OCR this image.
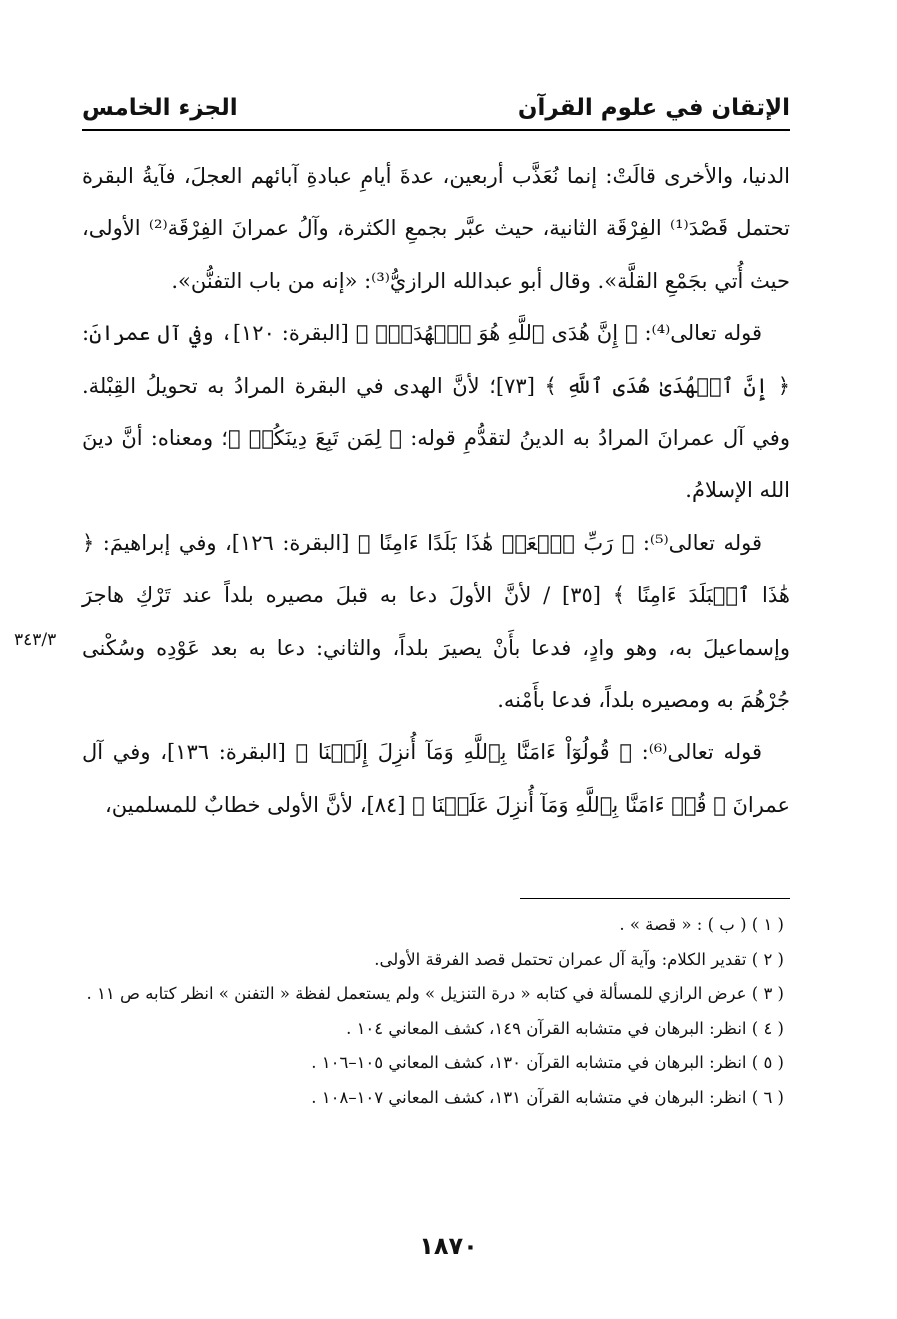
الإتقان في علوم القرآن
الجزء الخامس

الدنيا، والأخرى قالَتْ: إنما نُعَذَّب أربعين، عدةَ أيامِ عبادةِ آبائهم العجلَ، فآيةُ البقرة تحتمل قَصْدَ⁽¹⁾ الفِرْقَة الثانية، حيث عبَّر بجمعِ الكثرة، وآلُ عمرانَ الفِرْقَة⁽²⁾ الأولى، حيث أُتي بجَمْعِ القلَّة». وقال أبو عبدالله الرازيُّ⁽³⁾: «إنه من باب التفنُّن».

قوله تعالى⁽⁴⁾: ﴿ إِنَّ هُدَى ٱللَّهِ هُوَ ٱلۡهُدَىٰۗ ﴾ [البقرة: ١٢٠]، وفي آل عمرانَ: ﴿ إِنَّ ٱلۡهُدَىٰ هُدَى ٱللَّهِ ﴾ [٧٣]؛ لأنَّ الهدى في البقرة المرادُ به تحويلُ القِبْلة. وفي آل عمرانَ المرادُ به الدينُ لتقدُّمِ قوله: ﴿ لِمَن تَبِعَ دِينَكُمۡ ﴾؛ ومعناه: أنَّ دينَ الله الإسلامُ.

قوله تعالى⁽⁵⁾: ﴿ رَبِّ ٱجۡعَلۡ هَٰذَا بَلَدًا ءَامِنًا ﴾ [البقرة: ١٢٦]، وفي إبراهيمَ: ﴿ هَٰذَا ٱلۡبَلَدَ ءَامِنًا ﴾ [٣٥] / لأنَّ الأولَ دعا به قبلَ مصيره بلداً عند تَرْكِ هاجرَ وإسماعيلَ به، وهو وادٍ، فدعا بأَنْ يصيرَ بلداً، والثاني: دعا به بعد عَوْدِه وسُكْنى جُرْهُمَ به ومصيره بلداً، فدعا بأَمْنه.

قوله تعالى⁽⁶⁾: ﴿ قُولُوٓاْ ءَامَنَّا بِٱللَّهِ وَمَآ أُنزِلَ إِلَيۡنَا ﴾ [البقرة: ١٣٦]، وفي آل عمرانَ ﴿ قُلۡ ءَامَنَّا بِٱللَّهِ وَمَآ أُنزِلَ عَلَيۡنَا ﴾ [٨٤]، لأنَّ الأولى خطابٌ للمسلمين،

٣٤٣/٣

( ١ ) ( ب ) : « قصة » .

( ٢ ) تقدير الكلام: وآية آل عمران تحتمل قصد الفرقة الأولى.

( ٣ ) عرض الرازي للمسألة في كتابه « درة التنزيل » ولم يستعمل لفظة « التفنن » انظر كتابه ص ١١ .

( ٤ ) انظر: البرهان في متشابه القرآن ١٤٩، كشف المعاني ١٠٤ .

( ٥ ) انظر: البرهان في متشابه القرآن ١٣٠، كشف المعاني ١٠٥–١٠٦ .

( ٦ ) انظر: البرهان في متشابه القرآن ١٣١، كشف المعاني ١٠٧–١٠٨ .

١٨٧٠
